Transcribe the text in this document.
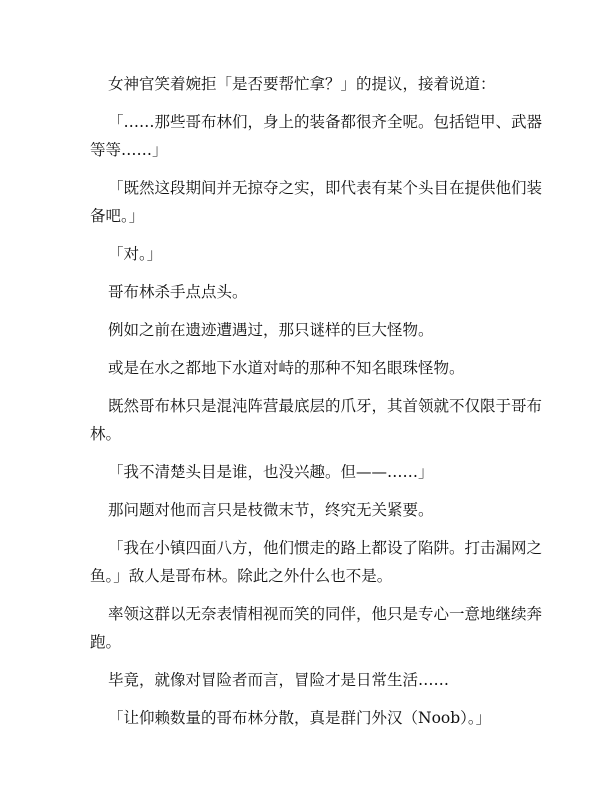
女神官笑着婉拒「是否要帮忙拿？」的提议，接着说道：

「……那些哥布林们，身上的装备都很齐全呢。包括铠甲、武器等等……」

「既然这段期间并无掠夺之实，即代表有某个头目在提供他们装备吧。」

「对。」

哥布林杀手点点头。

例如之前在遗迹遭遇过，那只谜样的巨大怪物。

或是在水之都地下水道对峙的那种不知名眼珠怪物。

既然哥布林只是混沌阵营最底层的爪牙，其首领就不仅限于哥布林。

「我不清楚头目是谁，也没兴趣。但——……」

那问题对他而言只是枝微末节，终究无关紧要。

「我在小镇四面八方，他们惯走的路上都设了陷阱。打击漏网之鱼。」敌人是哥布林。除此之外什么也不是。

率领这群以无奈表情相视而笑的同伴，他只是专心一意地继续奔跑。

毕竟，就像对冒险者而言，冒险才是日常生活……

「让仰赖数量的哥布林分散，真是群门外汉（Noob）。」
